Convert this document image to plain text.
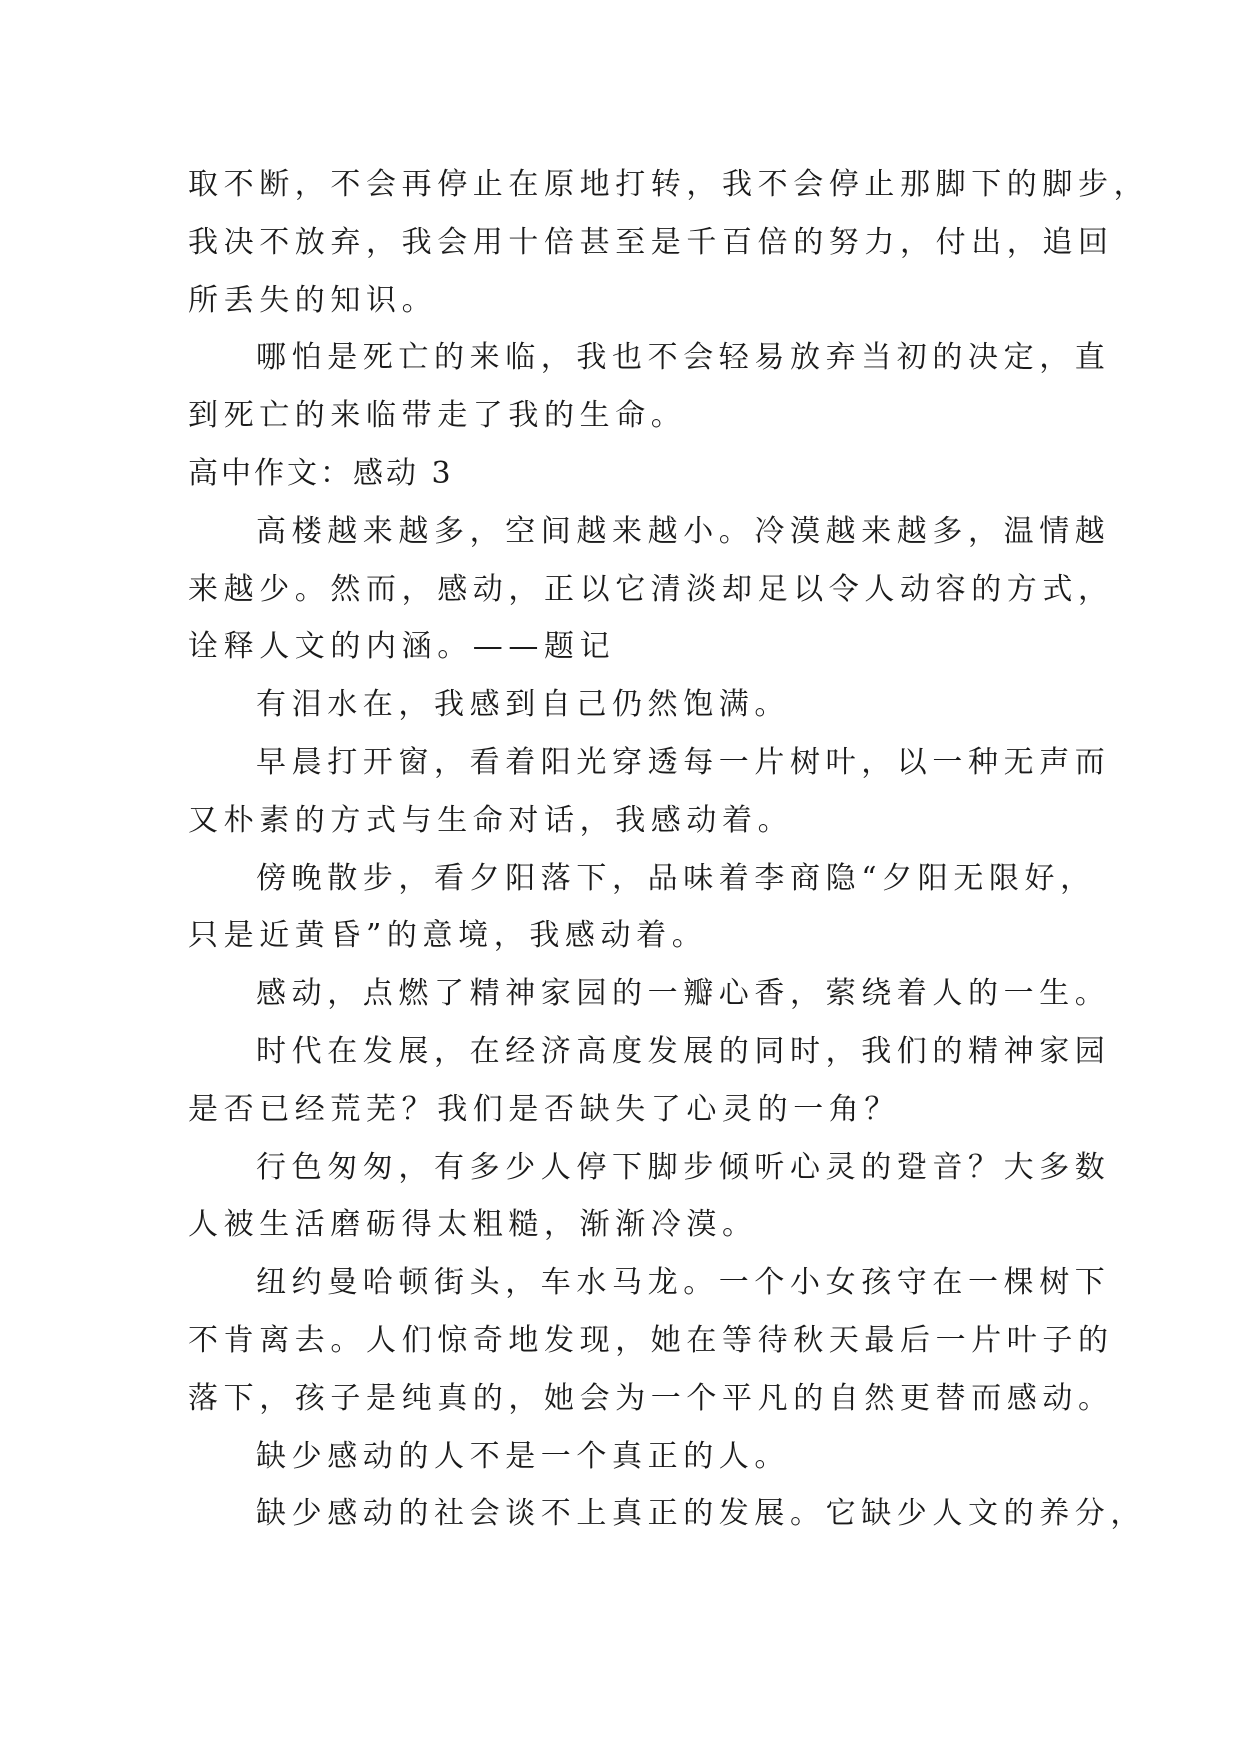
取不断，不会再停止在原地打转，我不会停止那脚下的脚步，
我决不放弃，我会用十倍甚至是千百倍的努力，付出，追回
所丢失的知识。
哪怕是死亡的来临，我也不会轻易放弃当初的决定，直
到死亡的来临带走了我的生命。
高中作文：感动 3
高楼越来越多，空间越来越小。冷漠越来越多，温情越
来越少。然而，感动，正以它清淡却足以令人动容的方式，
诠释人文的内涵。——题记
有泪水在，我感到自己仍然饱满。
早晨打开窗，看着阳光穿透每一片树叶，以一种无声而
又朴素的方式与生命对话，我感动着。
傍晚散步，看夕阳落下，品味着李商隐“夕阳无限好，
只是近黄昏”的意境，我感动着。
感动，点燃了精神家园的一瓣心香，萦绕着人的一生。
时代在发展，在经济高度发展的同时，我们的精神家园
是否已经荒芜？我们是否缺失了心灵的一角？
行色匆匆，有多少人停下脚步倾听心灵的跫音？大多数
人被生活磨砺得太粗糙，渐渐冷漠。
纽约曼哈顿街头，车水马龙。一个小女孩守在一棵树下
不肯离去。人们惊奇地发现，她在等待秋天最后一片叶子的
落下，孩子是纯真的，她会为一个平凡的自然更替而感动。
缺少感动的人不是一个真正的人。
缺少感动的社会谈不上真正的发展。它缺少人文的养分，
